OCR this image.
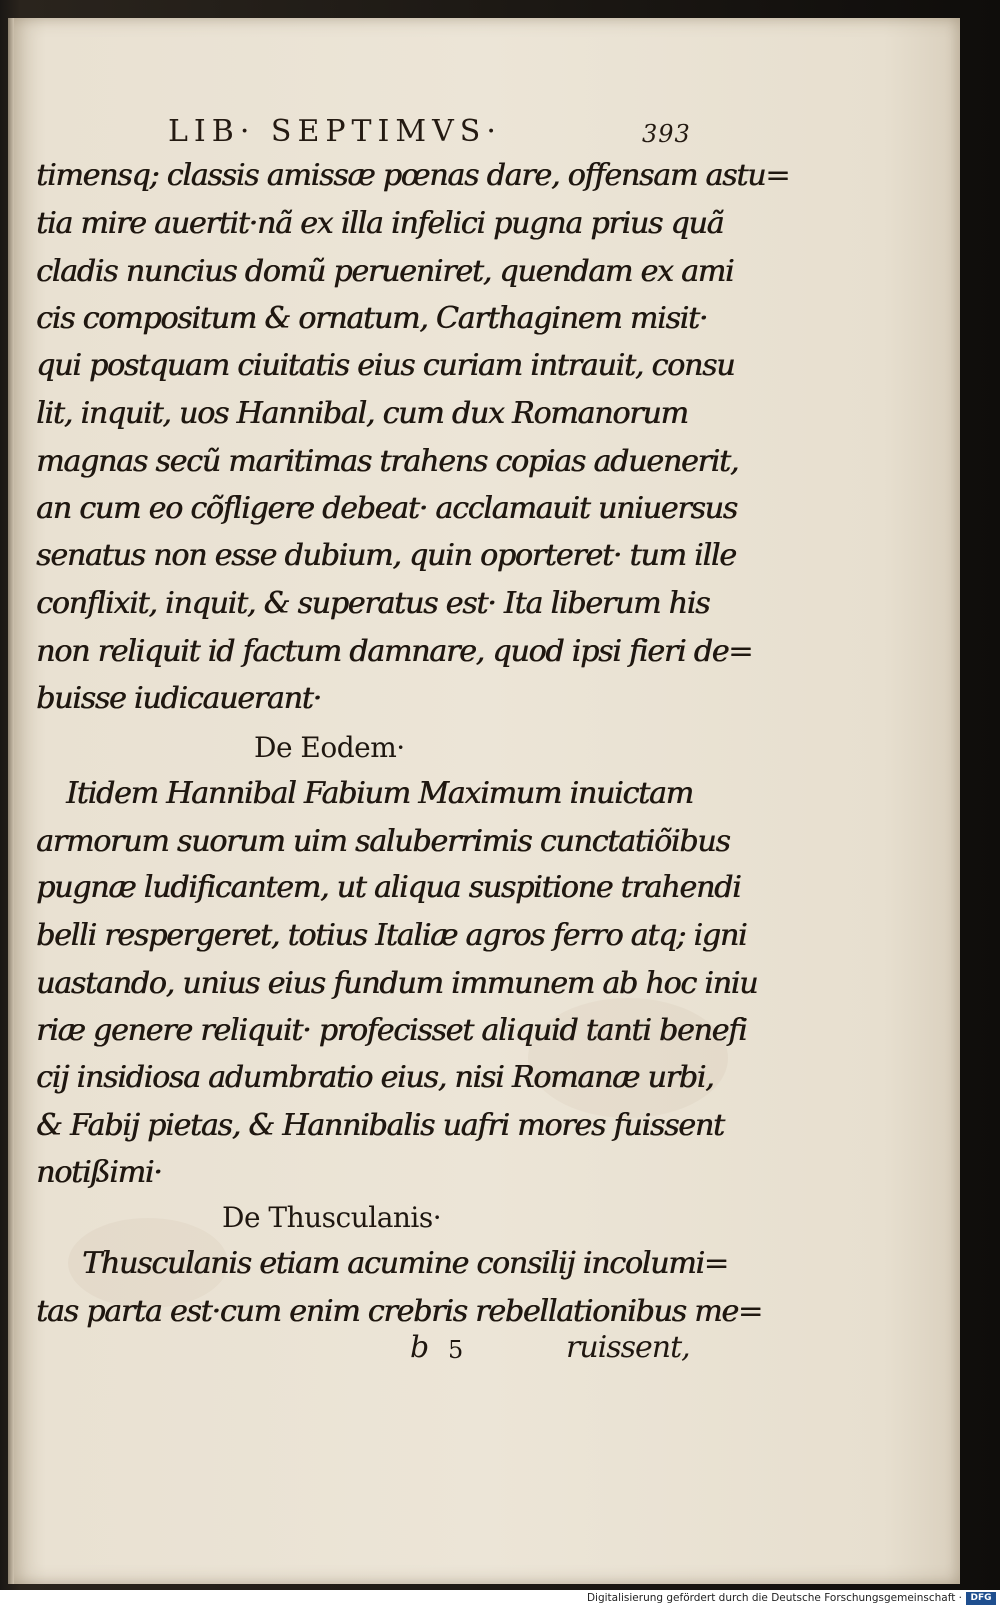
LIB· SEPTIMVS·	393
timensq; classis amissæ pœnas dare, offensam astu=
tia mire auertit·nã ex illa infelici pugna prius quã
cladis nuncius domũ perueniret, quendam ex ami
cis compositum & ornatum, Carthaginem misit·
qui postquam ciuitatis eius curiam intrauit, consu
lit, inquit, uos Hannibal, cum dux Romanorum
magnas secũ maritimas trahens copias aduenerit,
an cum eo cõfligere debeat· acclamauit uniuersus
senatus non esse dubium, quin oporteret· tum ille
conflixit, inquit, & superatus est· Ita liberum his
non reliquit id factum damnare, quod ipsi fieri de=
buisse iudicauerant·
De Eodem·
Itidem Hannibal Fabium Maximum inuictam
armorum suorum uim saluberrimis cunctatiõibus
pugnæ ludificantem, ut aliqua suspitione trahendi
belli respergeret, totius Italiæ agros ferro atq; igni
uastando, unius eius fundum immunem ab hoc iniu
riæ genere reliquit· profecisset aliquid tanti benefi
cij insidiosa adumbratio eius, nisi Romanæ urbi,
& Fabij pietas, & Hannibalis uafri mores fuissent
notißimi·
De Thusculanis·
Thusculanis etiam acumine consilij incolumi=
tas parta est·cum enim crebris rebellationibus me=
b 5	ruissent,
Digitalisierung gefördert durch die Deutsche Forschungsgemeinschaft · DFG
